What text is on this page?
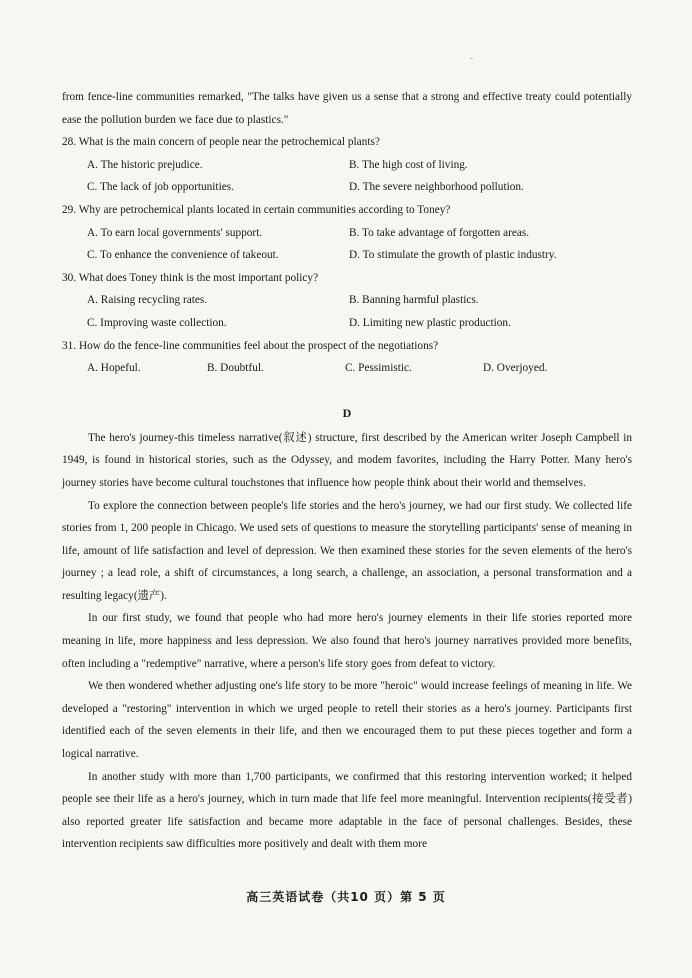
from fence-line communities remarked, "The talks have given us a sense that a strong and effective treaty could potentially ease the pollution burden we face due to plastics."

28. What is the main concern of people near the petrochemical plants?

A. The historic prejudice.	B. The high cost of living.
C. The lack of job opportunities.	D. The severe neighborhood pollution.

29. Why are petrochemical plants located in certain communities according to Toney?

A. To earn local governments' support.	B. To take advantage of forgotten areas.
C. To enhance the convenience of takeout.	D. To stimulate the growth of plastic industry.

30. What does Toney think is the most important policy?

A. Raising recycling rates.	B. Banning harmful plastics.
C. Improving waste collection.	D. Limiting new plastic production.

31. How do the fence-line communities feel about the prospect of the negotiations?

A. Hopeful.	B. Doubtful.	C. Pessimistic.	D. Overjoyed.

D

The hero's journey-this timeless narrative(叙述) structure, first described by the American writer Joseph Campbell in 1949, is found in historical stories, such as the Odyssey, and modem favorites, including the Harry Potter. Many hero's journey stories have become cultural touchstones that influence how people think about their world and themselves.

To explore the connection between people's life stories and the hero's journey, we had our first study. We collected life stories from 1, 200 people in Chicago. We used sets of questions to measure the storytelling participants' sense of meaning in life, amount of life satisfaction and level of depression. We then examined these stories for the seven elements of the hero's journey ; a lead role, a shift of circumstances, a long search, a challenge, an association, a personal transformation and a resulting legacy(遗产).

In our first study, we found that people who had more hero's journey elements in their life stories reported more meaning in life, more happiness and less depression. We also found that hero's journey narratives provided more benefits, often including a "redemptive" narrative, where a person's life story goes from defeat to victory.

We then wondered whether adjusting one's life story to be more "heroic" would increase feelings of meaning in life. We developed a "restoring" intervention in which we urged people to retell their stories as a hero's journey. Participants first identified each of the seven elements in their life, and then we encouraged them to put these pieces together and form a logical narrative.

In another study with more than 1,700 participants, we confirmed that this restoring intervention worked; it helped people see their life as a hero's journey, which in turn made that life feel more meaningful. Intervention recipients(接受者) also reported greater life satisfaction and became more adaptable in the face of personal challenges. Besides, these intervention recipients saw difficulties more positively and dealt with them more

高三英语试卷（共10 页）第 5 页
